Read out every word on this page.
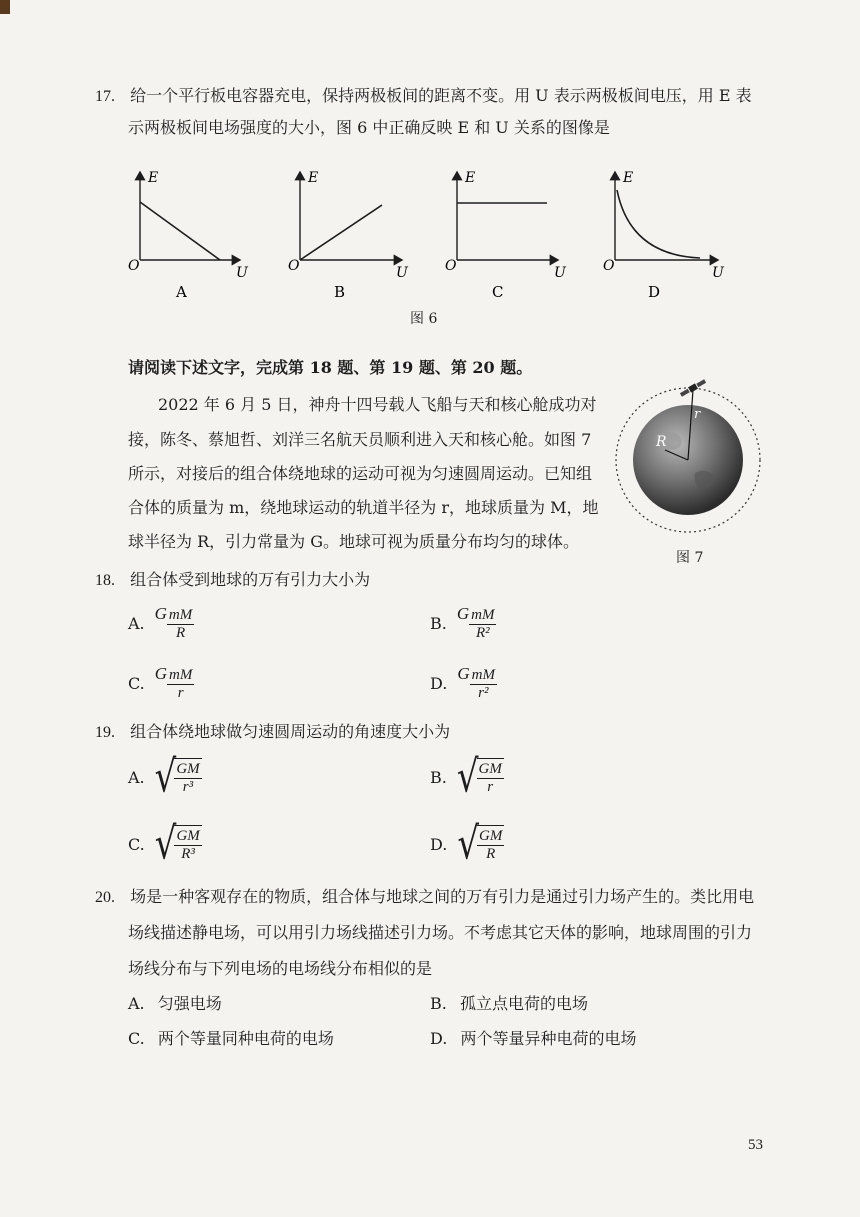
17. 给一个平行板电容器充电，保持两极板间的距离不变。用 U 表示两极板间电压，用 E 表
示两极板间电场强度的大小，图 6 中正确反映 E 和 U 关系的图像是
E
O	U
A
E
O	U
B
E
O	U
C
E
O	U
D
图 6
请阅读下述文字，完成第 18 题、第 19 题、第 20 题。
2022 年 6 月 5 日，神舟十四号载人飞船与天和核心舱成功对
接，陈冬、蔡旭哲、刘洋三名航天员顺利进入天和核心舱。如图 7
所示，对接后的组合体绕地球的运动可视为匀速圆周运动。已知组
合体的质量为 m，绕地球运动的轨道半径为 r，地球质量为 M，地
球半径为 R，引力常量为 G。地球可视为质量分布均匀的球体。
R
r
图 7
18. 组合体受到地球的万有引力大小为
A. G $\frac{mM}{R}$	B. G $\frac{mM}{\text{R²}}$
C. G $\frac{mM}{r}$	D. G $\frac{mM}{\text{r²}}$
19. 组合体绕地球做匀速圆周运动的角速度大小为
A. √
$\frac{GM}{\text{r³}}$	B. √
$\frac{GM}{r}$
C. √
$\frac{GM}{\text{R³}}$	D. √
$\frac{GM}{R}$
20. 场是一种客观存在的物质，组合体与地球之间的万有引力是通过引力场产生的。类比用电
场线描述静电场，可以用引力场线描述引力场。不考虑其它天体的影响，地球周围的引力
场线分布与下列电场的电场线分布相似的是
A. 匀强电场	B. 孤立点电荷的电场
C. 两个等量同种电荷的电场	D. 两个等量异种电荷的电场
53
